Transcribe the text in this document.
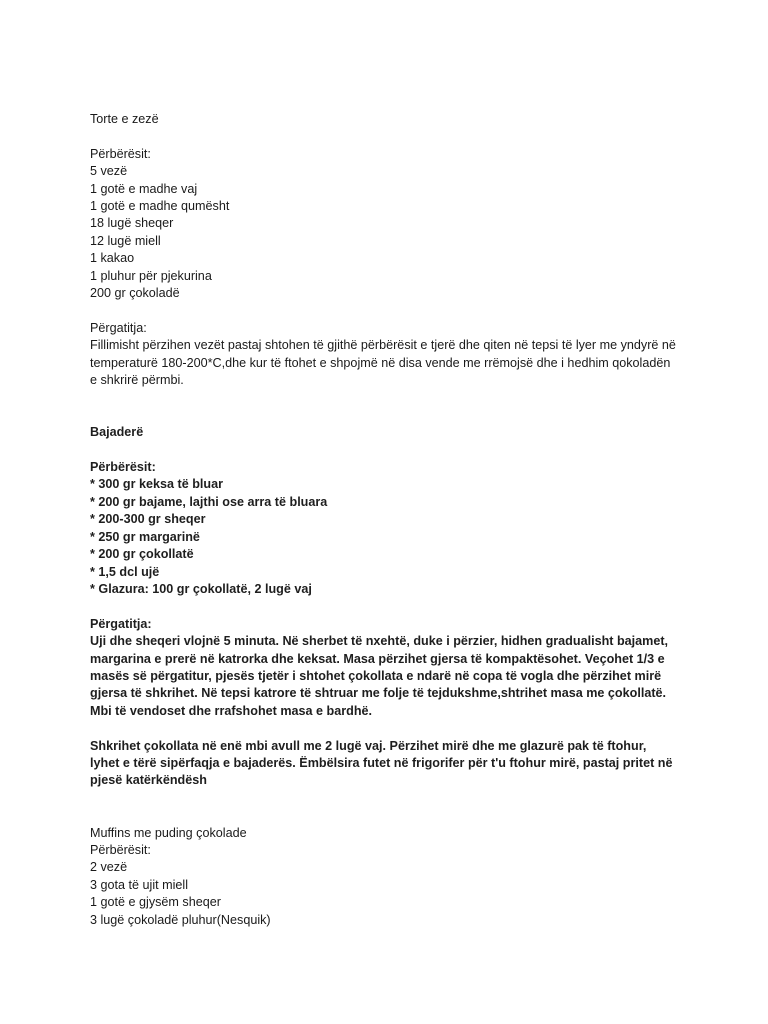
Torte e zezë
Përbërësit:
5 vezë
1 gotë e madhe vaj
1 gotë e madhe qumësht
18 lugë sheqer
12 lugë miell
1 kakao
1 pluhur për pjekurina
200 gr çokoladë
Përgatitja:
Fillimisht përzihen vezët pastaj shtohen të gjithë përbërësit e tjerë dhe qiten në tepsi të lyer me yndyrë në
temperaturë 180-200*C,dhe kur të ftohet e shpojmë në disa vende me rrëmojsë dhe i hedhim qokoladën
e shkrirë përmbi.
Bajaderë
Përbërësit:
* 300 gr keksa të bluar
* 200 gr bajame, lajthi ose arra të bluara
* 200-300 gr sheqer
* 250 gr margarinë
* 200 gr çokollatë
* 1,5 dcl ujë
* Glazura: 100 gr çokollatë, 2 lugë vaj
Përgatitja:
Uji dhe sheqeri vlojnë 5 minuta. Në sherbet të nxehtë, duke i përzier, hidhen gradualisht bajamet,
margarina e prerë në katrorka dhe keksat. Masa përzihet gjersa të kompaktësohet. Veçohet 1/3 e
masës së përgatitur, pjesës tjetër i shtohet çokollata e ndarë në copa të vogla dhe përzihet mirë
gjersa të shkrihet. Në tepsi katrore të shtruar me folje të tejdukshme,shtrihet masa me çokollatë.
Mbi të vendoset dhe rrafshohet masa e bardhë.
Shkrihet çokollata në enë mbi avull me 2 lugë vaj. Përzihet mirë dhe me glazurë pak të ftohur,
lyhet e tërë sipërfaqja e bajaderës. Ëmbëlsira futet në frigorifer për t'u ftohur mirë, pastaj pritet në
pjesë katërkëndësh
Muffins me puding çokolade
Përbërësit:
2 vezë
3 gota të ujit miell
1 gotë e gjysëm sheqer
3 lugë çokoladë pluhur(Nesquik)
